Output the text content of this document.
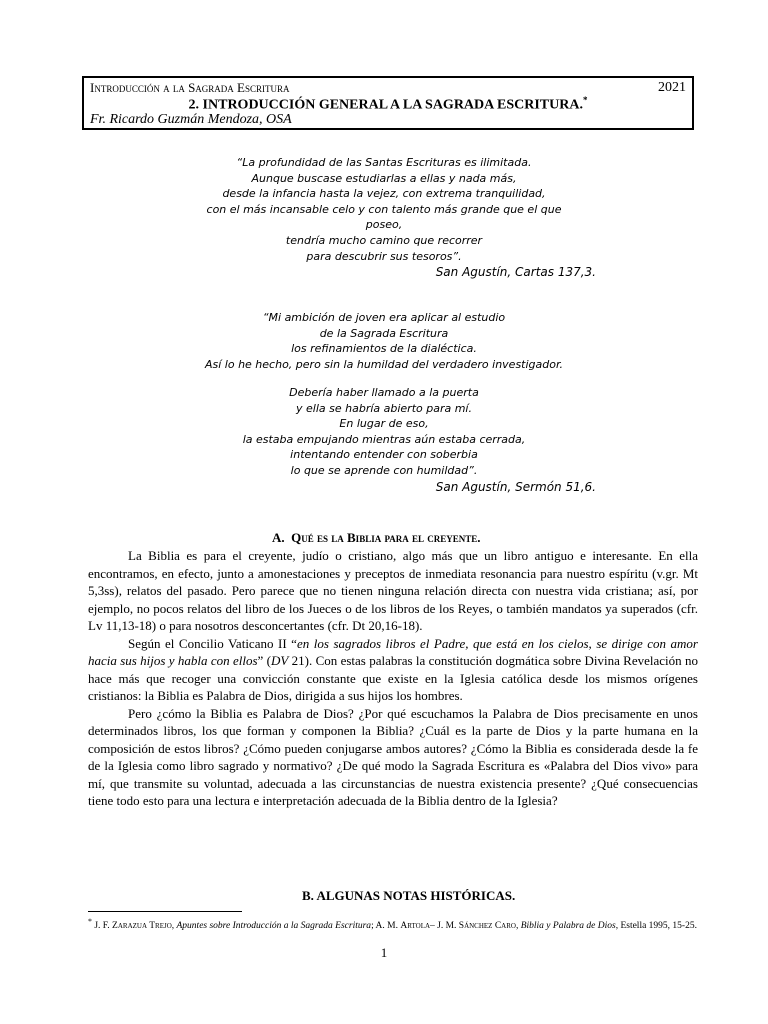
Introducción a la Sagrada Escritura	2021
2. INTRODUCCIÓN GENERAL A LA SAGRADA ESCRITURA.*
Fr. Ricardo Guzmán Mendoza, OSA
“La profundidad de las Santas Escrituras es ilimitada.
Aunque buscase estudiarlas a ellas y nada más,
desde la infancia hasta la vejez, con extrema tranquilidad,
con el más incansable celo y con talento más grande que el que
poseo,
tendría mucho camino que recorrer
para descubrir sus tesoros”.
San Agustín, Cartas 137,3.
“Mi ambición de joven era aplicar al estudio
de la Sagrada Escritura
los refinamientos de la dialéctica.
Así lo he hecho, pero sin la humildad del verdadero investigador.
Debería haber llamado a la puerta
y ella se habría abierto para mí.
En lugar de eso,
la estaba empujando mientras aún estaba cerrada,
intentando entender con soberbia
lo que se aprende con humildad”.
San Agustín, Sermón 51,6.
A. Qué es la Biblia para el creyente.

La Biblia es para el creyente, judío o cristiano, algo más que un libro antiguo e interesante. En ella encontramos, en efecto, junto a amonestaciones y preceptos de inmediata resonancia para nuestro espíritu (v.gr. Mt 5,3ss), relatos del pasado. Pero parece que no tienen ninguna relación directa con nuestra vida cristiana; así, por ejemplo, no pocos relatos del libro de los Jueces o de los libros de los Reyes, o también mandatos ya superados (cfr. Lv 11,13-18) o para nosotros desconcertantes (cfr. Dt 20,16-18).

Según el Concilio Vaticano II “en los sagrados libros el Padre, que está en los cielos, se dirige con amor hacia sus hijos y habla con ellos” (DV 21). Con estas palabras la constitución dogmática sobre Divina Revelación no hace más que recoger una convicción constante que existe en la Iglesia católica desde los mismos orígenes cristianos: la Biblia es Palabra de Dios, dirigida a sus hijos los hombres.

Pero ¿cómo la Biblia es Palabra de Dios? ¿Por qué escuchamos la Palabra de Dios precisamente en unos determinados libros, los que forman y componen la Biblia? ¿Cuál es la parte de Dios y la parte humana en la composición de estos libros? ¿Cómo pueden conjugarse ambos autores? ¿Cómo la Biblia es considerada desde la fe de la Iglesia como libro sagrado y normativo? ¿De qué modo la Sagrada Escritura es «Palabra del Dios vivo» para mí, que transmite su voluntad, adecuada a las circunstancias de nuestra existencia presente? ¿Qué consecuencias tiene todo esto para una lectura e interpretación adecuada de la Biblia dentro de la Iglesia?

B. ALGUNAS NOTAS HISTÓRICAS.
* J. F. Zarazua Trejo, Apuntes sobre Introducción a la Sagrada Escritura; A. M. Artola– J. M. Sánchez Caro, Biblia y Palabra de Dios, Estella 1995, 15-25.
1
